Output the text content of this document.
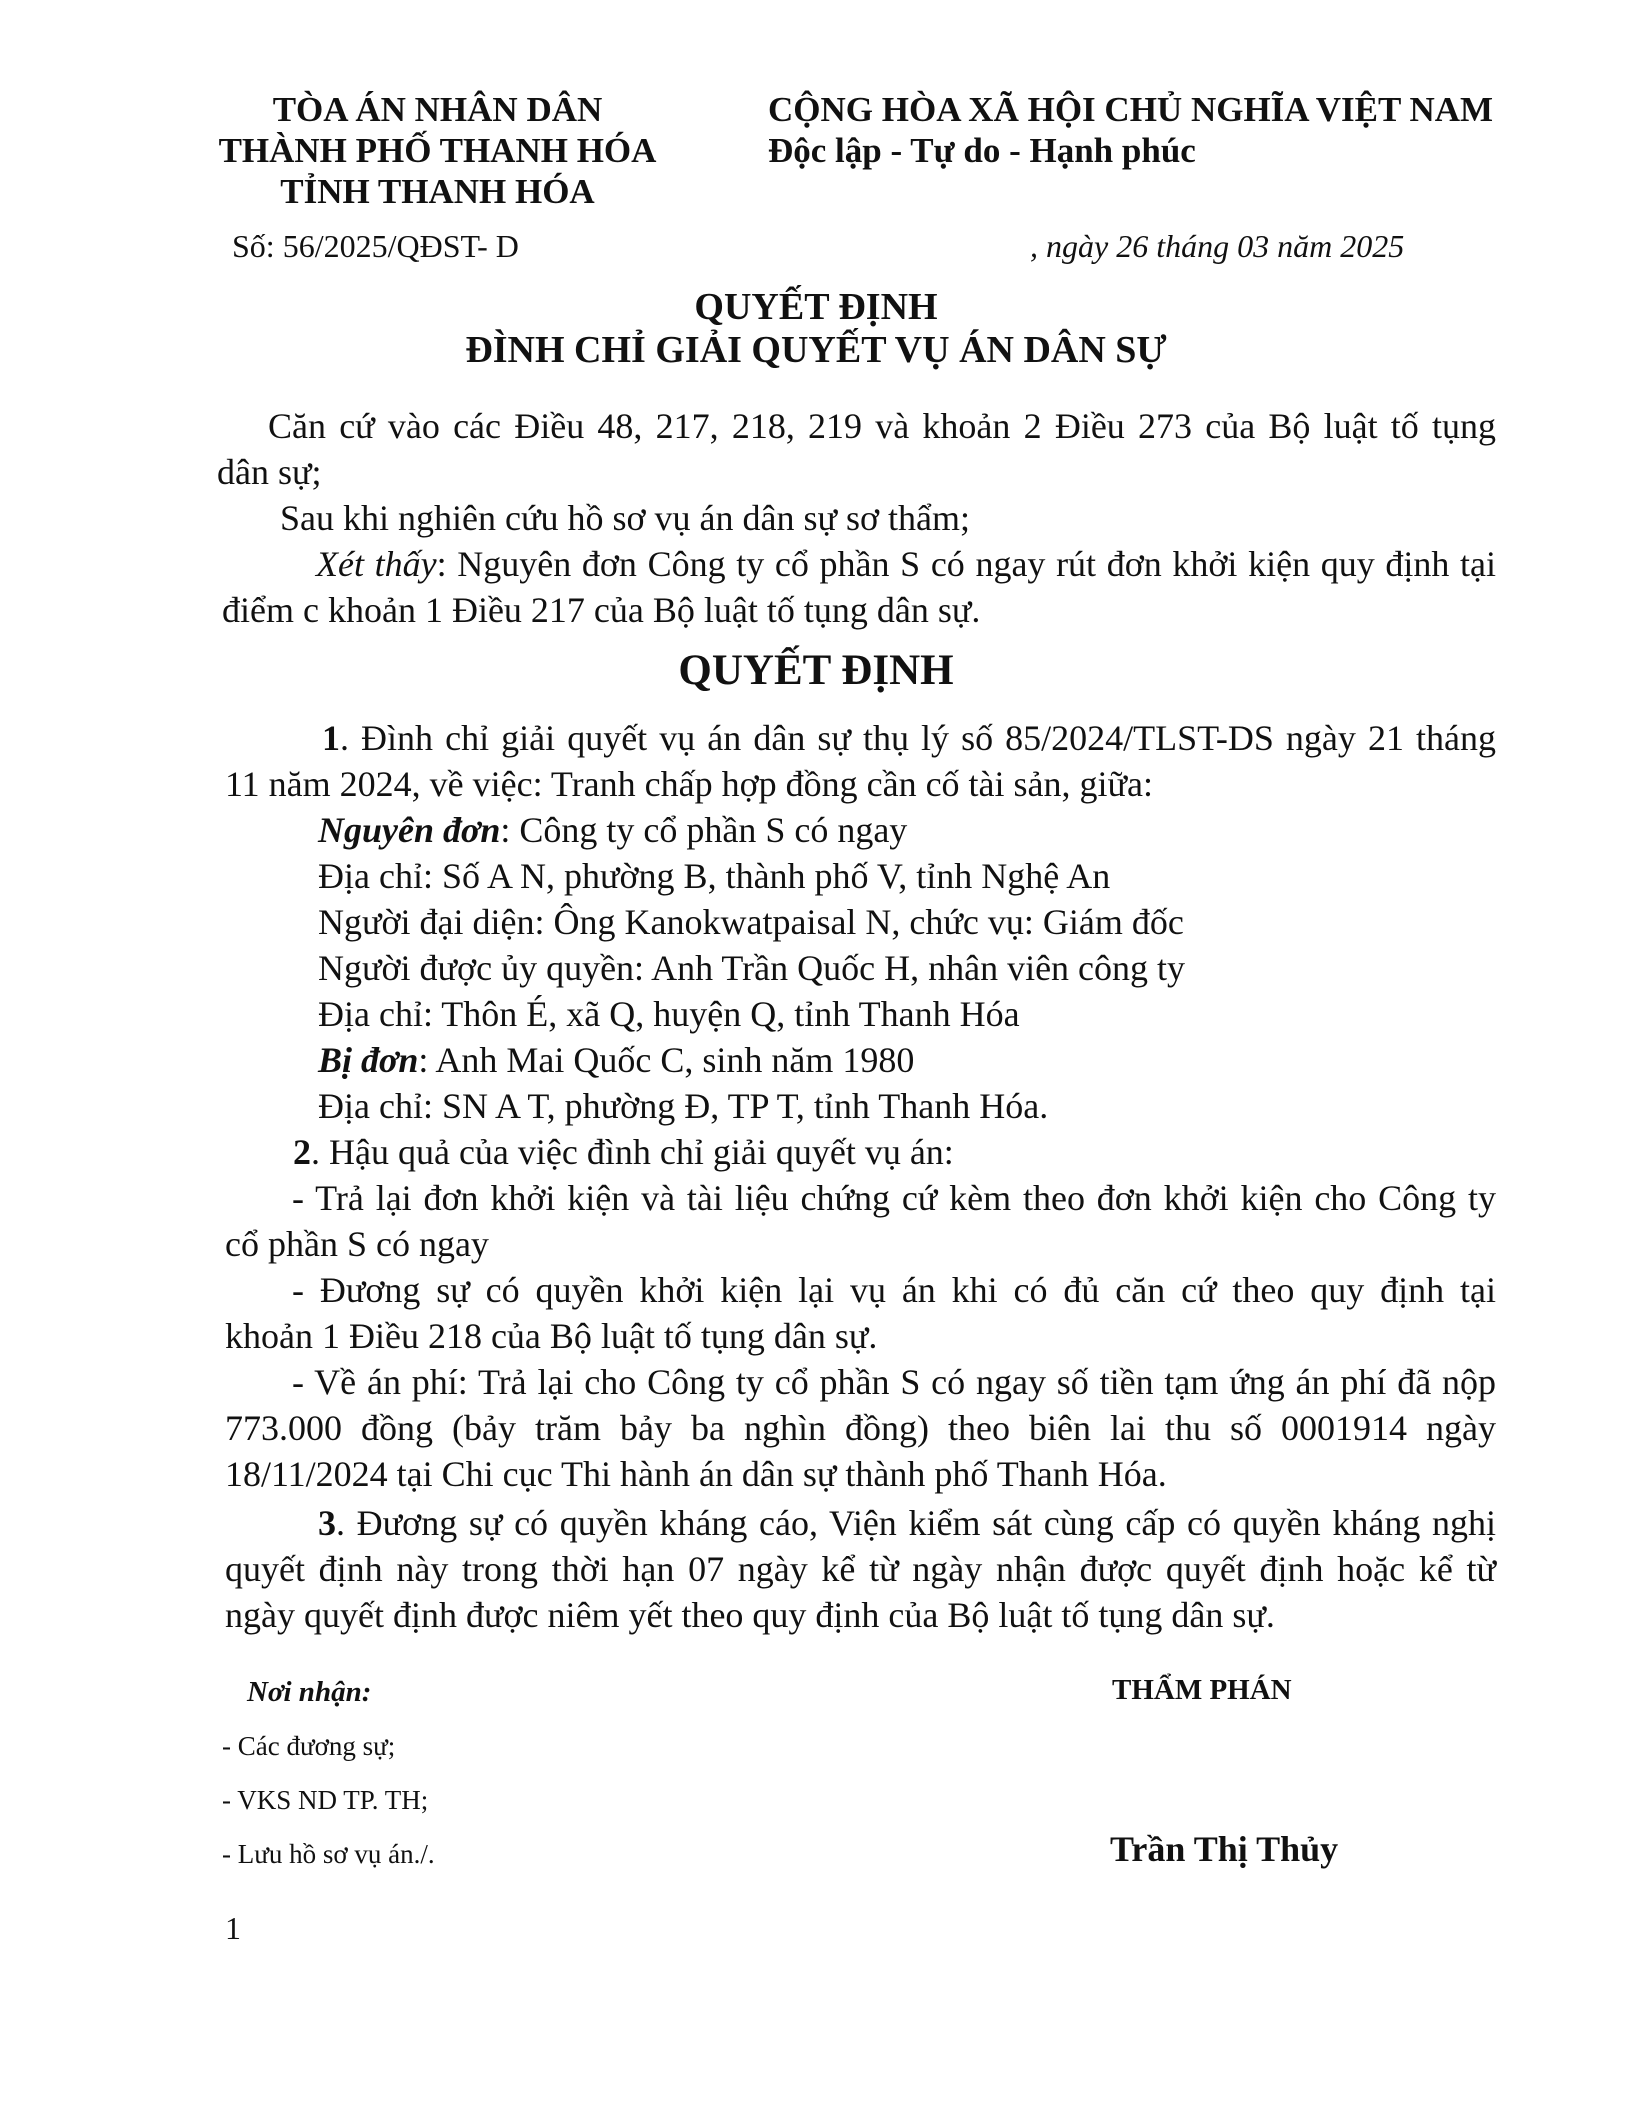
TÒA ÁN NHÂN DÂN
THÀNH PHỐ THANH HÓA
TỈNH THANH HÓA
CỘNG HÒA XÃ HỘI CHỦ NGHĨA VIỆT NAM
Độc lập - Tự do - Hạnh phúc
Số: 56/2025/QĐST- D	, ngày 26 tháng 03 năm 2025
QUYẾT ĐỊNH
ĐÌNH CHỈ GIẢI QUYẾT VỤ ÁN DÂN SỰ
Căn cứ vào các Điều 48, 217, 218, 219 và khoản 2 Điều 273 của Bộ luật tố tụng
dân sự;
Sau khi nghiên cứu hồ sơ vụ án dân sự sơ thẩm;
Xét thấy: Nguyên đơn Công ty cổ phần S có ngay rút đơn khởi kiện quy định tại
điểm c khoản 1 Điều 217 của Bộ luật tố tụng dân sự.
QUYẾT ĐỊNH
1. Đình chỉ giải quyết vụ án dân sự thụ lý số 85/2024/TLST-DS ngày 21 tháng
11 năm 2024, về việc: Tranh chấp hợp đồng cần cố tài sản, giữa:
Nguyên đơn: Công ty cổ phần S có ngay
Địa chỉ: Số A N, phường B, thành phố V, tỉnh Nghệ An
Người đại diện: Ông Kanokwatpaisal N, chức vụ: Giám đốc
Người được ủy quyền: Anh Trần Quốc H, nhân viên công ty
Địa chỉ: Thôn É, xã Q, huyện Q, tỉnh Thanh Hóa
Bị đơn: Anh Mai Quốc C, sinh năm 1980
Địa chỉ: SN A T, phường Đ, TP T, tỉnh Thanh Hóa.
2. Hậu quả của việc đình chỉ giải quyết vụ án:
- Trả lại đơn khởi kiện và tài liệu chứng cứ kèm theo đơn khởi kiện cho Công ty
cổ phần S có ngay
- Đương sự có quyền khởi kiện lại vụ án khi có đủ căn cứ theo quy định tại
khoản 1 Điều 218 của Bộ luật tố tụng dân sự.
- Về án phí: Trả lại cho Công ty cổ phần S có ngay số tiền tạm ứng án phí đã nộp
773.000 đồng (bảy trăm bảy ba nghìn đồng) theo biên lai thu số 0001914 ngày
18/11/2024 tại Chi cục Thi hành án dân sự thành phố Thanh Hóa.
3. Đương sự có quyền kháng cáo, Viện kiểm sát cùng cấp có quyền kháng nghị
quyết định này trong thời hạn 07 ngày kể từ ngày nhận được quyết định hoặc kể từ
ngày quyết định được niêm yết theo quy định của Bộ luật tố tụng dân sự.
Nơi nhận:
- Các đương sự;
- VKS ND TP. TH;
- Lưu hồ sơ vụ án./.
THẨM PHÁN
Trần Thị Thủy
1
